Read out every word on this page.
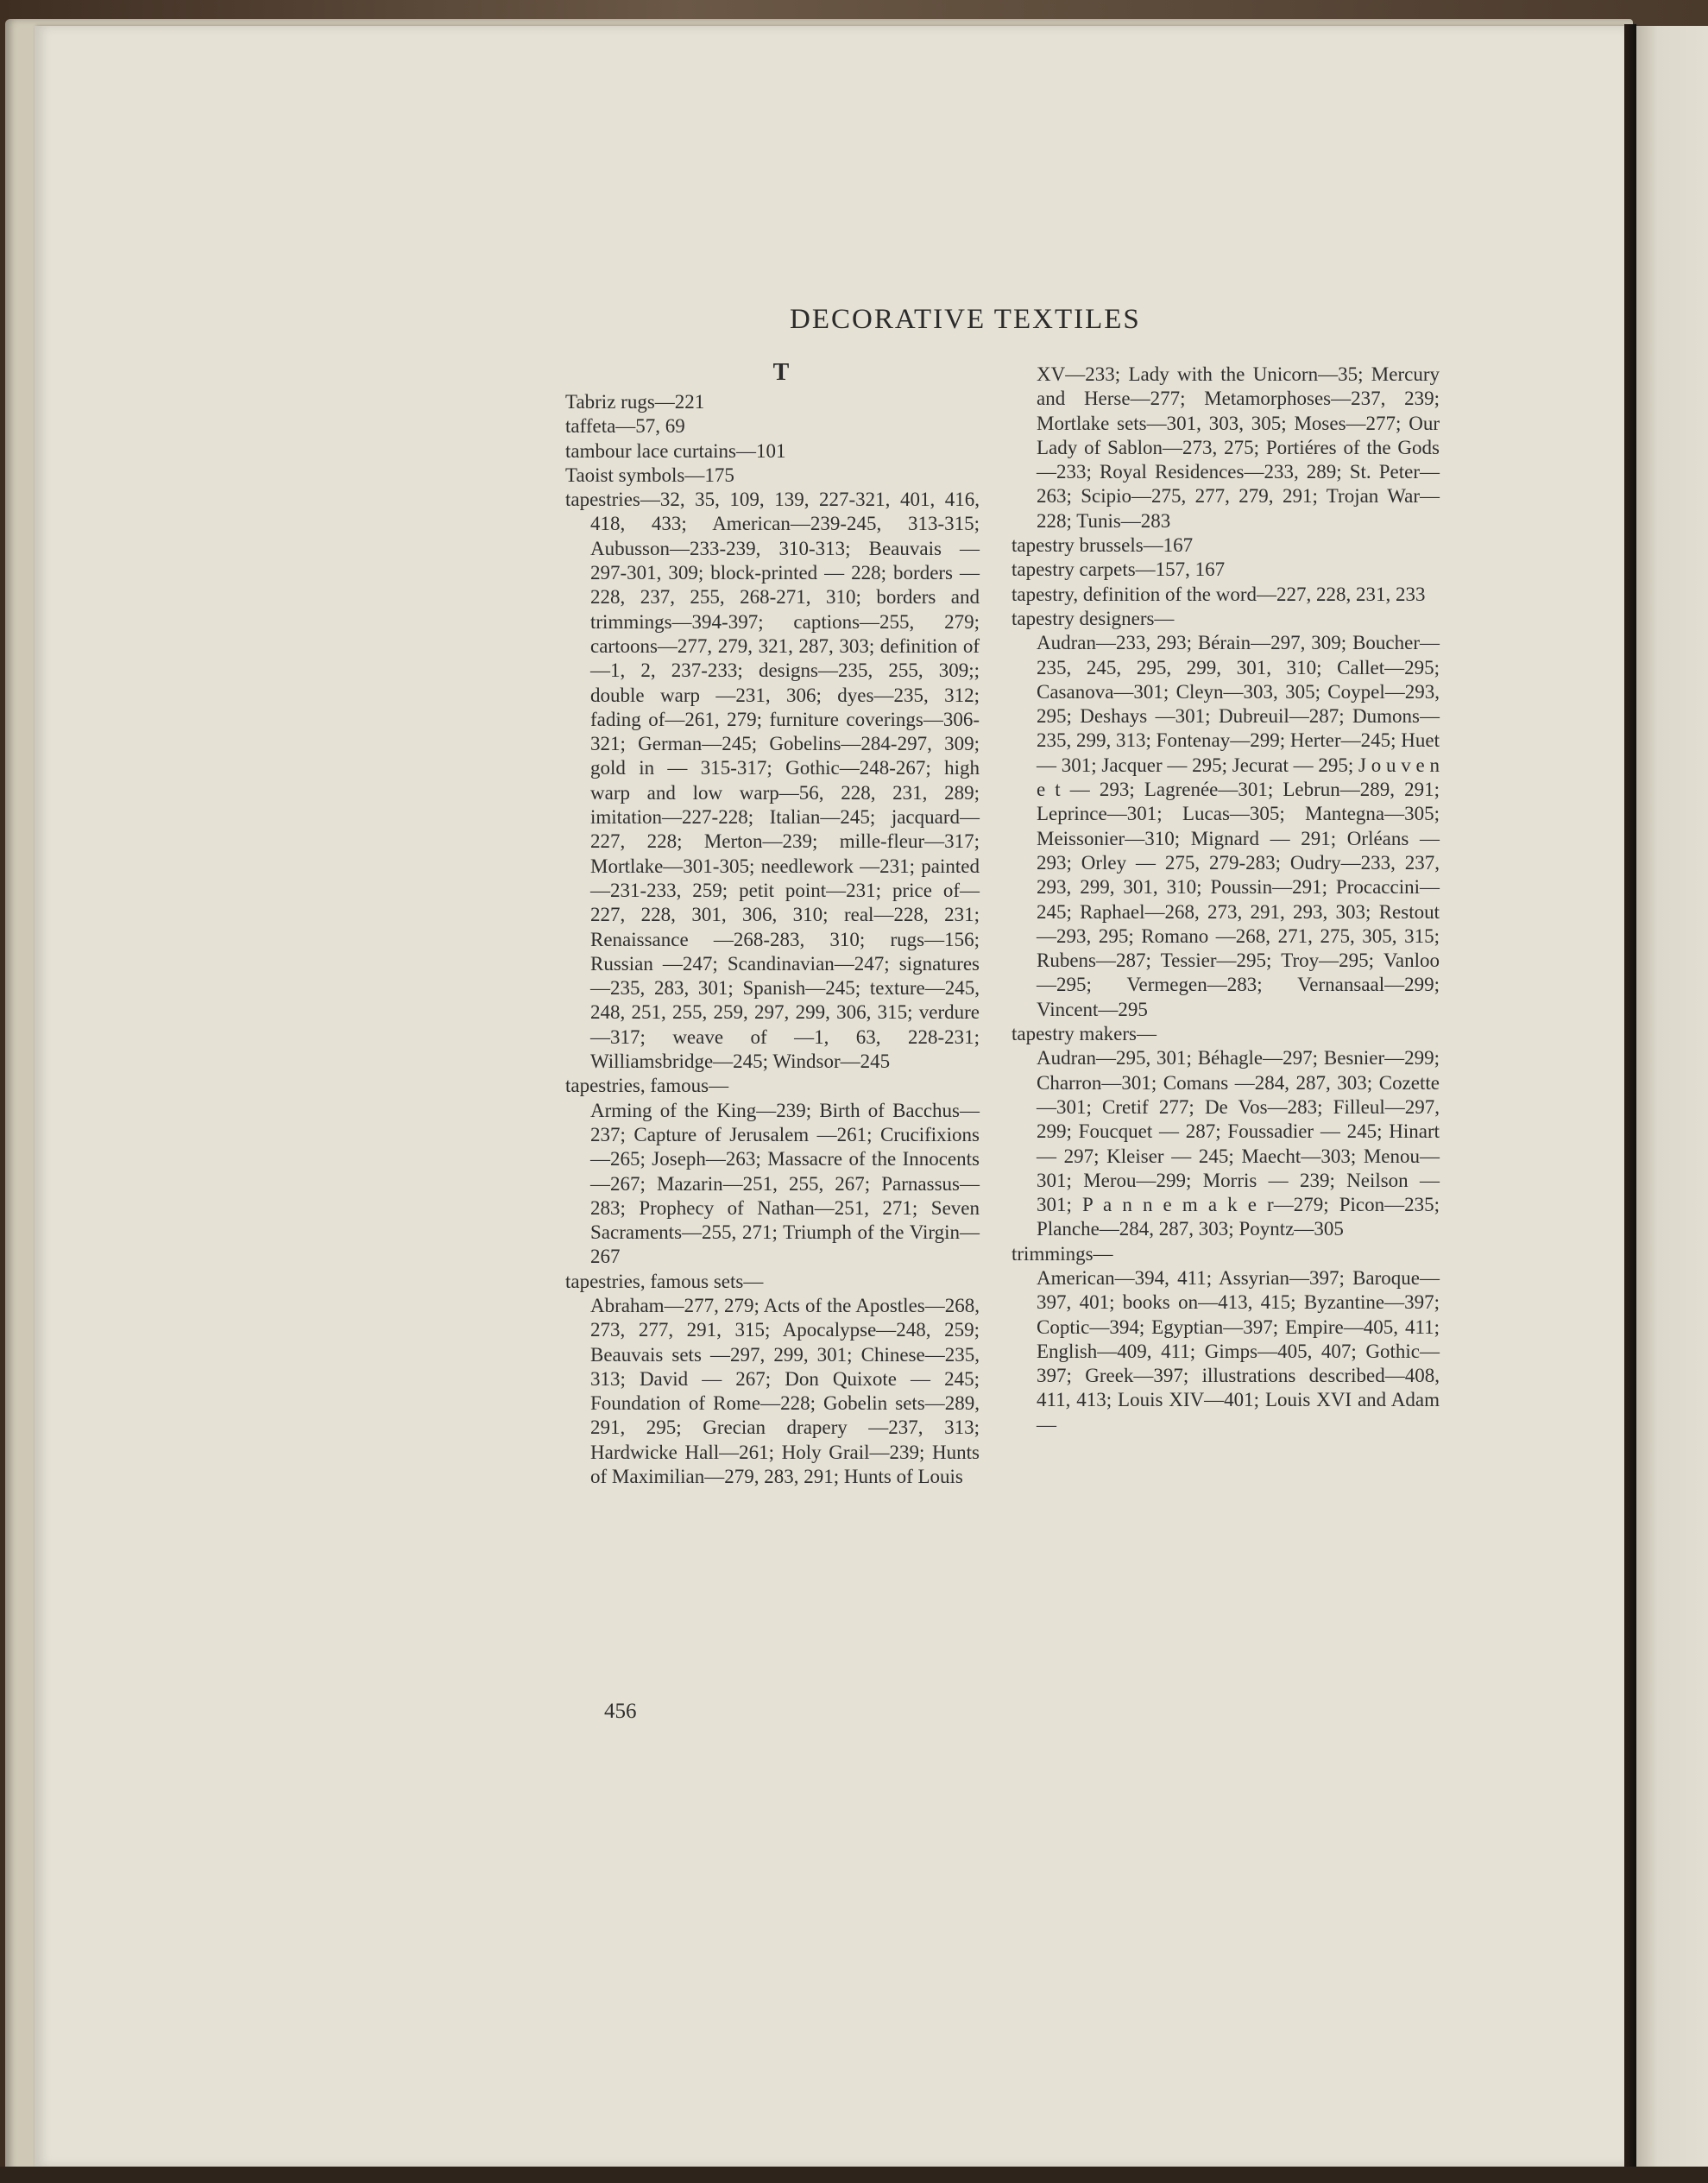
DECORATIVE TEXTILES
T
Tabriz rugs—221
taffeta—57, 69
tambour lace curtains—101
Taoist symbols—175
tapestries—32, 35, 109, 139, 227-321, 401, 416, 418, 433; American—239-245, 313-315; Aubusson—233-239, 310-313; Beauvais — 297-301, 309; block-printed — 228; borders — 228, 237, 255, 268-271, 310; borders and trimmings—394-397; captions—255, 279; cartoons—277, 279, 321, 287, 303; definition of—1, 2, 237-233; designs—235, 255, 309;; double warp —231, 306; dyes—235, 312; fading of—261, 279; furniture coverings—306-321; German—245; Gobelins—284-297, 309; gold in — 315-317; Gothic—248-267; high warp and low warp—56, 228, 231, 289; imitation—227-228; Italian—245; jacquard—227, 228; Merton—239; mille-fleur—317; Mortlake—301-305; needlework —231; painted—231-233, 259; petit point—231; price of—227, 228, 301, 306, 310; real—228, 231; Renaissance —268-283, 310; rugs—156; Russian —247; Scandinavian—247; signatures —235, 283, 301; Spanish—245; texture—245, 248, 251, 255, 259, 297, 299, 306, 315; verdure—317; weave of —1, 63, 228-231; Williamsbridge—245; Windsor—245
tapestries, famous—
Arming of the King—239; Birth of Bacchus—237; Capture of Jerusalem —261; Crucifixions—265; Joseph—263; Massacre of the Innocents—267; Mazarin—251, 255, 267; Parnassus—283; Prophecy of Nathan—251, 271; Seven Sacraments—255, 271; Triumph of the Virgin—267
tapestries, famous sets—
Abraham—277, 279; Acts of the Apostles—268, 273, 277, 291, 315; Apocalypse—248, 259; Beauvais sets —297, 299, 301; Chinese—235, 313; David — 267; Don Quixote — 245; Foundation of Rome—228; Gobelin sets—289, 291, 295; Grecian drapery —237, 313; Hardwicke Hall—261; Holy Grail—239; Hunts of Maximilian—279, 283, 291; Hunts of Louis
XV—233; Lady with the Unicorn—35; Mercury and Herse—277; Metamorphoses—237, 239; Mortlake sets—301, 303, 305; Moses—277; Our Lady of Sablon—273, 275; Portiéres of the Gods—233; Royal Residences—233, 289; St. Peter—263; Scipio—275, 277, 279, 291; Trojan War—228; Tunis—283
tapestry brussels—167
tapestry carpets—157, 167
tapestry, definition of the word—227, 228, 231, 233
tapestry designers—
Audran—233, 293; Bérain—297, 309; Boucher—235, 245, 295, 299, 301, 310; Callet—295; Casanova—301; Cleyn—303, 305; Coypel—293, 295; Deshays —301; Dubreuil—287; Dumons—235, 299, 313; Fontenay—299; Herter—245; Huet — 301; Jacquer — 295; Jecurat — 295; J o u v e n e t — 293; Lagrenée—301; Lebrun—289, 291; Leprince—301; Lucas—305; Mantegna—305; Meissonier—310; Mignard — 291; Orléans — 293; Orley — 275, 279-283; Oudry—233, 237, 293, 299, 301, 310; Poussin—291; Procaccini—245; Raphael—268, 273, 291, 293, 303; Restout—293, 295; Romano —268, 271, 275, 305, 315; Rubens—287; Tessier—295; Troy—295; Vanloo—295; Vermegen—283; Vernansaal—299; Vincent—295
tapestry makers—
Audran—295, 301; Béhagle—297; Besnier—299; Charron—301; Comans —284, 287, 303; Cozette—301; Cretif 277; De Vos—283; Filleul—297, 299; Foucquet — 287; Foussadier — 245; Hinart — 297; Kleiser — 245; Maecht—303; Menou—301; Merou—299; Morris — 239; Neilson — 301; P a n n e m a k e r—279; Picon—235; Planche—284, 287, 303; Poyntz—305
trimmings—
American—394, 411; Assyrian—397; Baroque—397, 401; books on—413, 415; Byzantine—397; Coptic—394; Egyptian—397; Empire—405, 411; English—409, 411; Gimps—405, 407; Gothic—397; Greek—397; illustrations described—408, 411, 413; Louis XIV—401; Louis XVI and Adam—
456
